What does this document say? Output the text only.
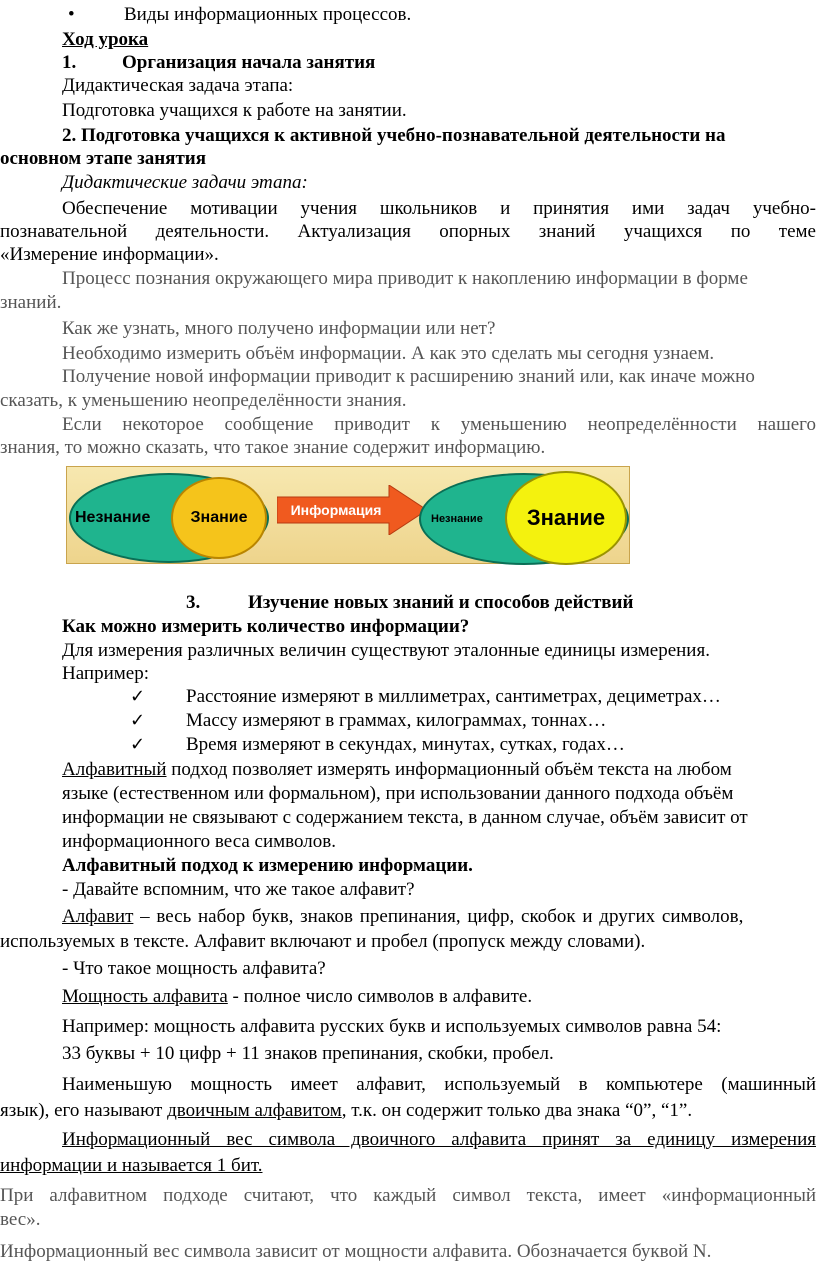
•	Виды информационных процессов.
Ход урока
1. Организация начала занятия
Дидактическая задача этапа:
Подготовка учащихся к работе на занятии.
2. Подготовка учащихся к активной учебно-познавательной деятельности на
основном этапе занятия
Дидактические задачи этапа:
Обеспечение мотивации учения школьников и принятия ими задач учебно-
познавательной деятельности. Актуализация опорных знаний учащихся по теме
«Измерение информации».
Процесс познания окружающего мира приводит к накоплению информации в форме
знаний.
Как же узнать, много получено информации или нет?
Необходимо измерить объём информации. А как это сделать мы сегодня узнаем.
Получение новой информации приводит к расширению знаний или, как иначе можно
сказать, к уменьшению неопределённости знания.
Если некоторое сообщение приводит к уменьшению неопределённости нашего
знания, то можно сказать, что такое знание содержит информацию.
Незнание	Знание	Информация
Незнание Знание
3.	Изучение новых знаний и способов действий
Как можно измерить количество информации?
Для измерения различных величин существуют эталонные единицы измерения.
Например:
✓ Расстояние измеряют в миллиметрах, сантиметрах, дециметрах…
✓ Массу измеряют в граммах, килограммах, тоннах…
✓ Время измеряют в секундах, минутах, сутках, годах…
Алфавитный подход позволяет измерять информационный объём текста на любом
языке (естественном или формальном), при использовании данного подхода объём
информации не связывают с содержанием текста, в данном случае, объём зависит от
информационного веса символов.
Алфавитный подход к измерению информации.
- Давайте вспомним, что же такое алфавит?
Алфавит – весь набор букв, знаков препинания, цифр, скобок и других символов,
используемых в тексте. Алфавит включают и пробел (пропуск между словами).
- Что такое мощность алфавита?
Мощность алфавита - полное число символов в алфавите.
Например: мощность алфавита русских букв и используемых символов равна 54:
33 буквы + 10 цифр + 11 знаков препинания, скобки, пробел.
Наименьшую мощность имеет алфавит, используемый в компьютере (машинный
язык), его называют двоичным алфавитом, т.к. он содержит только два знака “0”, “1”.
Информационный вес символа двоичного алфавита принят за единицу измерения
информации и называется 1 бит.
При алфавитном подходе считают, что каждый символ текста, имеет «информационный
вес».
Информационный вес символа зависит от мощности алфавита. Обозначается буквой N.
